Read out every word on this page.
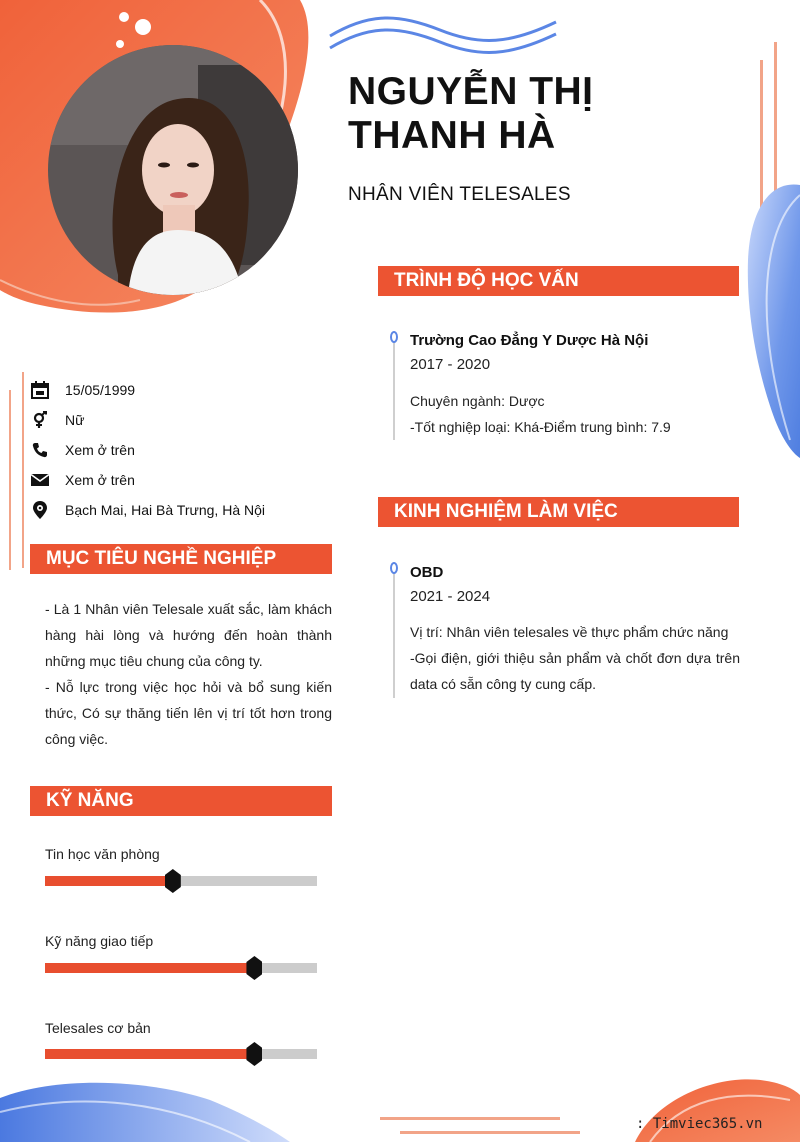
NGUYỄN THỊ
THANH HÀ
NHÂN VIÊN TELESALES
15/05/1999
Nữ
Xem ở trên
Xem ở trên
Bạch Mai, Hai Bà Trưng, Hà Nội
MỤC TIÊU NGHỀ NGHIỆP

- Là 1 Nhân viên Telesale xuất sắc, làm khách hàng hài lòng và hướng đến hoàn thành những mục tiêu chung của công ty.

- Nỗ lực trong việc học hỏi và bổ sung kiến thức, Có sự thăng tiến lên vị trí tốt hơn trong công việc.

KỸ NĂNG
Tin học văn phòng
Kỹ năng giao tiếp
Telesales cơ bản
TRÌNH ĐỘ HỌC VẤN
Trường Cao Đẳng Y Dược Hà Nội
2017 - 2020

Chuyên ngành: Dược

-Tốt nghiệp loại: Khá-Điểm trung bình: 7.9

KINH NGHIỆM LÀM VIỆC
OBD
2021 - 2024

Vị trí: Nhân viên telesales về thực phẩm chức năng

-Gọi điện, giới thiệu sản phẩm và chốt đơn dựa trên data có sẵn công ty cung cấp.

: Timviec365.vn
